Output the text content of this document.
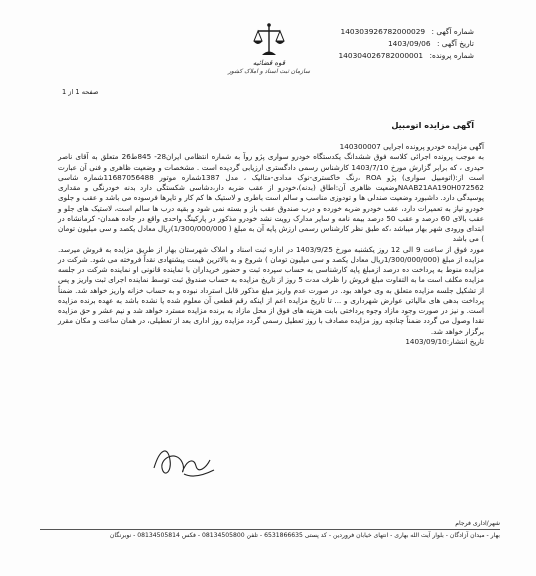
شماره آگهی : 140303926782000029
تاریخ آگهی : 1403/09/06
شماره پرونده: 140304026782000001
صفحه 1 از 1
قوه قضائیه
سازمان ثبت اسناد و املاک کشور
آگهی مزایده اتومبیل

آگهی مزایده خودرو پرونده اجرایی 140300007

به موجب پرونده اجرائی کلاسه فوق ششدانگ یکدستگاه خودرو سواری پژو روآ به شماره انتظامی ایران28- 845ط26 متعلق به آقای ناصر حیدری ، که برابر گزارش مورخ 1403/7/10 کارشناس رسمی دادگستری ارزیابی گردیده است . مشخصات و وضعیت ظاهری و فنی آن عبارت است از:(اتومبیل سواری) پژو ROA ،رنگ خاکستری-نوک مدادی-متالیک ، مدل 1387شماره موتور 11687056488شماره شاسی NAAB21AA190H072562وضعیت ظاهری آن:اطاق (بدنه)،خودرو از عقب ضربه دار،دشاسی شکستگی دارد بدنه خودرنگی و مقداری پوسیدگی دارد. داشبورد وضعیت صندلی ها و تودوزی مناسب و سالم است باطری و لاستیک ها کم کار و تایرها فرسوده می باشد و عقب و جلوی خودرو نیاز به تعمیرات دارد، عقب خودرو ضربه خورده و درب صندوق عقب باز و بسته نمی شود و بقیه درب ها سالم است، لاستیک های جلو و عقب بالای 60 درصد و عقب 50 درصد بیمه نامه و سایر مدارک رویت نشد خودرو مذکور در پارکینگ واحدی واقع در جاده همدان- کرمانشاه در ابتدای ورودی شهر بهار میباشد ،که طبق نظر کارشناس رسمی ارزش پایه آن به مبلغ ( 1/300/000/000)ریال معادل یکصد و سی میلیون تومان ) می باشد

مورد فوق از ساعت 9 الی 12 روز یکشنبه مورخ 1403/9/25 در اداره ثبت اسناد و املاک شهرستان بهار از طریق مزایده به فروش میرسد. مزایده از مبلغ (1/300/000/000ریال معادل یکصد و سی میلیون تومان ) شروع و به بالاترین قیمت پیشنهادی نقداً فروخته می شود. شرکت در مزایده منوط به پرداخت ده درصد ازمبلغ پایه کارشناسی به حساب سپرده ثبت و حضور خریداران با نماینده قانونی او نماینده شرکت در جلسه مزایده مکلف است ما به التفاوت مبلغ فروش را ظرف مدت 5 روز از تاریخ مزایده به حساب صندوق ثبت توسط نماینده اجرای ثبت واریز و پس از تشکیل جلسه مزایده متعلق به وی خواهد بود. در صورت عدم واریز مبلغ مذکور قابل استرداد نبوده و به حساب خزانه واریز خواهد شد. ضمناً پرداخت بدهی های مالیاتی عوارض شهرداری و ... تا تاریخ مزایده اعم از اینکه رقم قطعی آن معلوم شده یا نشده باشد به عهده برنده مزایده است. و نیز در صورت وجود مازاد وجوه پرداختی بابت هزینه های فوق از محل مازاد به برنده مزایده مسترد خواهد شد و نیم عشر و حق مزایده نقدا وصول می گردد ضمناً چنانچه روز مزایده مصادف با روز تعطیل رسمی گردد مزایده روز اداری بعد از تعطیلی، در همان ساعت و مکان مقرر برگزار خواهد شد.

تاریخ انتشار:1403/09/10

شهر/اداری فرجام
بهار - میدان آزادگان - بلوار آیت الله بهاری - انتهای خیابان فروردین - کد پستی 6531866635 - تلفن 08134505800 - فکس 08134505814 - نوبرنگان
